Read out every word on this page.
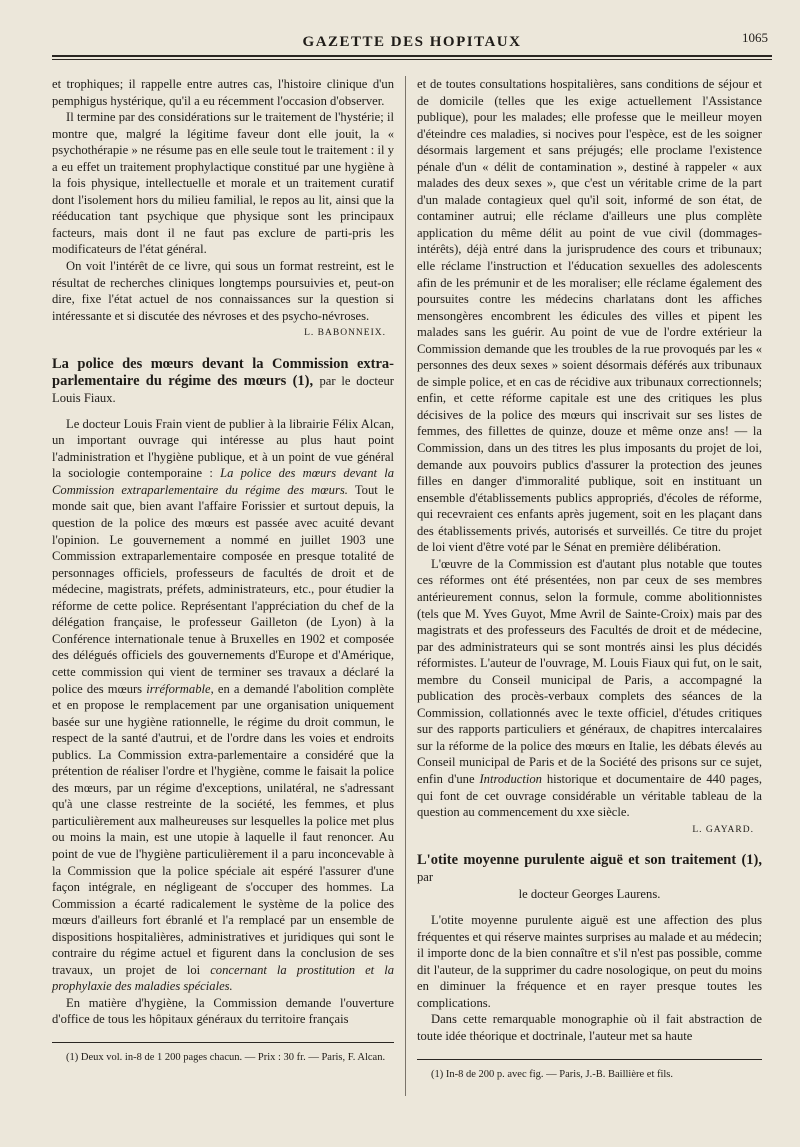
GAZETTE DES HOPITAUX	1065

et trophiques; il rappelle entre autres cas, l'histoire clinique d'un pemphigus hystérique, qu'il a eu récemment l'occasion d'observer.

Il termine par des considérations sur le traitement de l'hystérie; il montre que, malgré la légitime faveur dont elle jouit, la « psychothérapie » ne résume pas en elle seule tout le traitement : il y a eu effet un traitement prophylactique constitué par une hygiène à la fois physique, intellectuelle et morale et un traitement curatif dont l'isolement hors du milieu familial, le repos au lit, ainsi que la rééducation tant psychique que physique sont les principaux facteurs, mais dont il ne faut pas exclure de parti-pris les modificateurs de l'état général.

On voit l'intérêt de ce livre, qui sous un format restreint, est le résultat de recherches cliniques longtemps poursuivies et, peut-on dire, fixe l'état actuel de nos connaissances sur la question si intéressante et si discutée des névroses et des psycho-névroses.

L. BABONNEIX.
La police des mœurs devant la Commission extra-parlementaire du régime des mœurs (1), par le docteur Louis Fiaux.

Le docteur Louis Frain vient de publier à la librairie Félix Alcan, un important ouvrage qui intéresse au plus haut point l'administration et l'hygiène publique, et à un point de vue général la sociologie contemporaine : La police des mœurs devant la Commission extraparlementaire du régime des mœurs. Tout le monde sait que, bien avant l'affaire Forissier et surtout depuis, la question de la police des mœurs est passée avec acuité devant l'opinion. Le gouvernement a nommé en juillet 1903 une Commission extraparlementaire composée en presque totalité de personnages officiels, professeurs de facultés de droit et de médecine, magistrats, préfets, administrateurs, etc., pour étudier la réforme de cette police. Représentant l'appréciation du chef de la délégation française, le professeur Gailleton (de Lyon) à la Conférence internationale tenue à Bruxelles en 1902 et composée des délégués officiels des gouvernements d'Europe et d'Amérique, cette commission qui vient de terminer ses travaux a déclaré la police des mœurs irréformable, en a demandé l'abolition complète et en propose le remplacement par une organisation uniquement basée sur une hygiène rationnelle, le régime du droit commun, le respect de la santé d'autrui, et de l'ordre dans les voies et endroits publics. La Commission extra-parlementaire a considéré que la prétention de réaliser l'ordre et l'hygiène, comme le faisait la police des mœurs, par un régime d'exceptions, unilatéral, ne s'adressant qu'à une classe restreinte de la société, les femmes, et plus particulièrement aux malheureuses sur lesquelles la police met plus ou moins la main, est une utopie à laquelle il faut renoncer. Au point de vue de l'hygiène particulièrement il a paru inconcevable à la Commission que la police spéciale ait espéré l'assurer d'une façon intégrale, en négligeant de s'occuper des hommes. La Commission a écarté radicalement le système de la police des mœurs d'ailleurs fort ébranlé et l'a remplacé par un ensemble de dispositions hospitalières, administratives et juridiques qui sont le contraire du régime actuel et figurent dans la conclusion de ses travaux, un projet de loi concernant la prostitution et la prophylaxie des maladies spéciales.

En matière d'hygiène, la Commission demande l'ouverture d'office de tous les hôpitaux généraux du territoire français

(1) Deux vol. in-8 de 1 200 pages chacun. — Prix : 30 fr. — Paris, F. Alcan.

et de toutes consultations hospitalières, sans conditions de séjour et de domicile (telles que les exige actuellement l'Assistance publique), pour les malades; elle professe que le meilleur moyen d'éteindre ces maladies, si nocives pour l'espèce, est de les soigner désormais largement et sans préjugés; elle proclame l'existence pénale d'un « délit de contamination », destiné à rappeler « aux malades des deux sexes », que c'est un véritable crime de la part d'un malade contagieux quel qu'il soit, informé de son état, de contaminer autrui; elle réclame d'ailleurs une plus complète application du même délit au point de vue civil (dommages-intérêts), déjà entré dans la jurisprudence des cours et tribunaux; elle réclame l'instruction et l'éducation sexuelles des adolescents afin de les prémunir et de les moraliser; elle réclame également des poursuites contre les médecins charlatans dont les affiches mensongères encombrent les édicules des villes et pipent les malades sans les guérir. Au point de vue de l'ordre extérieur la Commission demande que les troubles de la rue provoqués par les « personnes des deux sexes » soient désormais déférés aux tribunaux de simple police, et en cas de récidive aux tribunaux correctionnels; enfin, et cette réforme capitale est une des critiques les plus décisives de la police des mœurs qui inscrivait sur ses listes de femmes, des fillettes de quinze, douze et même onze ans! — la Commission, dans un des titres les plus imposants du projet de loi, demande aux pouvoirs publics d'assurer la protection des jeunes filles en danger d'immoralité publique, soit en instituant un ensemble d'établissements publics appropriés, d'écoles de réforme, qui recevraient ces enfants après jugement, soit en les plaçant dans des établissements privés, autorisés et surveillés. Ce titre du projet de loi vient d'être voté par le Sénat en première délibération.

L'œuvre de la Commission est d'autant plus notable que toutes ces réformes ont été présentées, non par ceux de ses membres antérieurement connus, selon la formule, comme abolitionnistes (tels que M. Yves Guyot, Mme Avril de Sainte-Croix) mais par des magistrats et des professeurs des Facultés de droit et de médecine, par des administrateurs qui se sont montrés ainsi les plus décidés réformistes. L'auteur de l'ouvrage, M. Louis Fiaux qui fut, on le sait, membre du Conseil municipal de Paris, a accompagné la publication des procès-verbaux complets des séances de la Commission, collationnés avec le texte officiel, d'études critiques sur des rapports particuliers et généraux, de chapitres intercalaires sur la réforme de la police des mœurs en Italie, les débats élevés au Conseil municipal de Paris et de la Société des prisons sur ce sujet, enfin d'une Introduction historique et documentaire de 440 pages, qui font de cet ouvrage considérable un véritable tableau de la question au commencement du xxe siècle.

L. GAYARD.
L'otite moyenne purulente aiguë et son traitement (1), par
le docteur Georges Laurens.

L'otite moyenne purulente aiguë est une affection des plus fréquentes et qui réserve maintes surprises au malade et au médecin; il importe donc de la bien connaître et s'il n'est pas possible, comme dit l'auteur, de la supprimer du cadre nosologique, on peut du moins en diminuer la fréquence et en rayer presque toutes les complications.

Dans cette remarquable monographie où il fait abstraction de toute idée théorique et doctrinale, l'auteur met sa haute

(1) In-8 de 200 p. avec fig. — Paris, J.-B. Baillière et fils.
